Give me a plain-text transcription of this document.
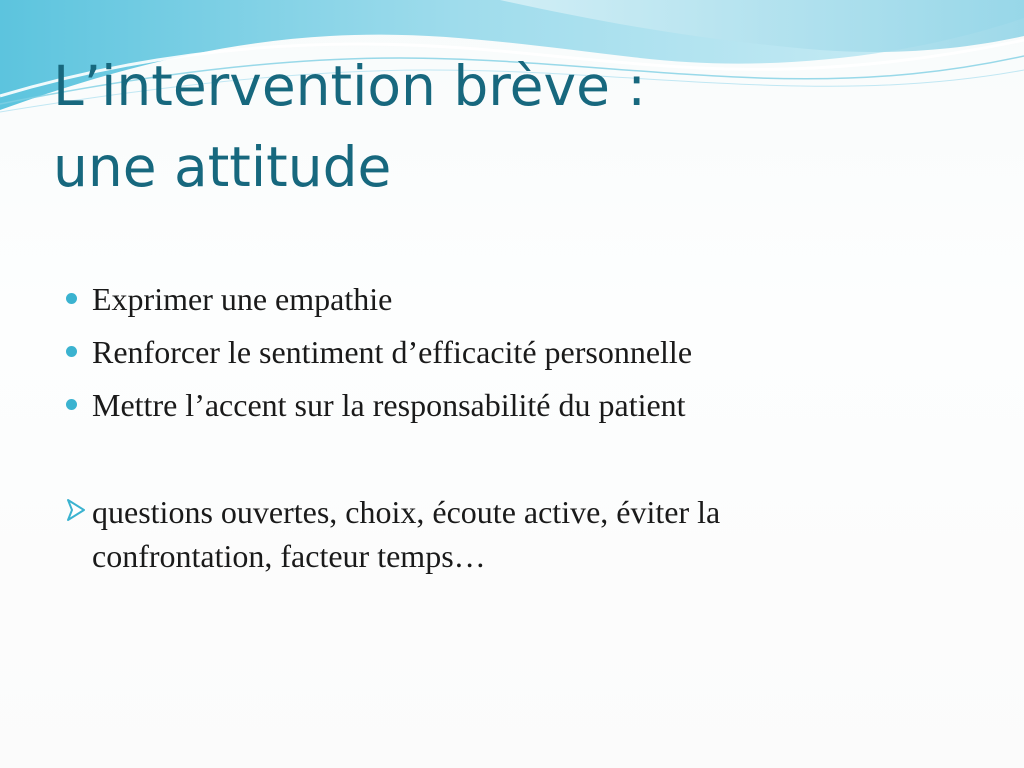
L’intervention brève :
une attitude
Exprimer une empathie
Renforcer le sentiment d’efficacité personnelle
Mettre l’accent sur la responsabilité du patient
questions ouvertes, choix, écoute active, éviter la
confrontation, facteur temps…
